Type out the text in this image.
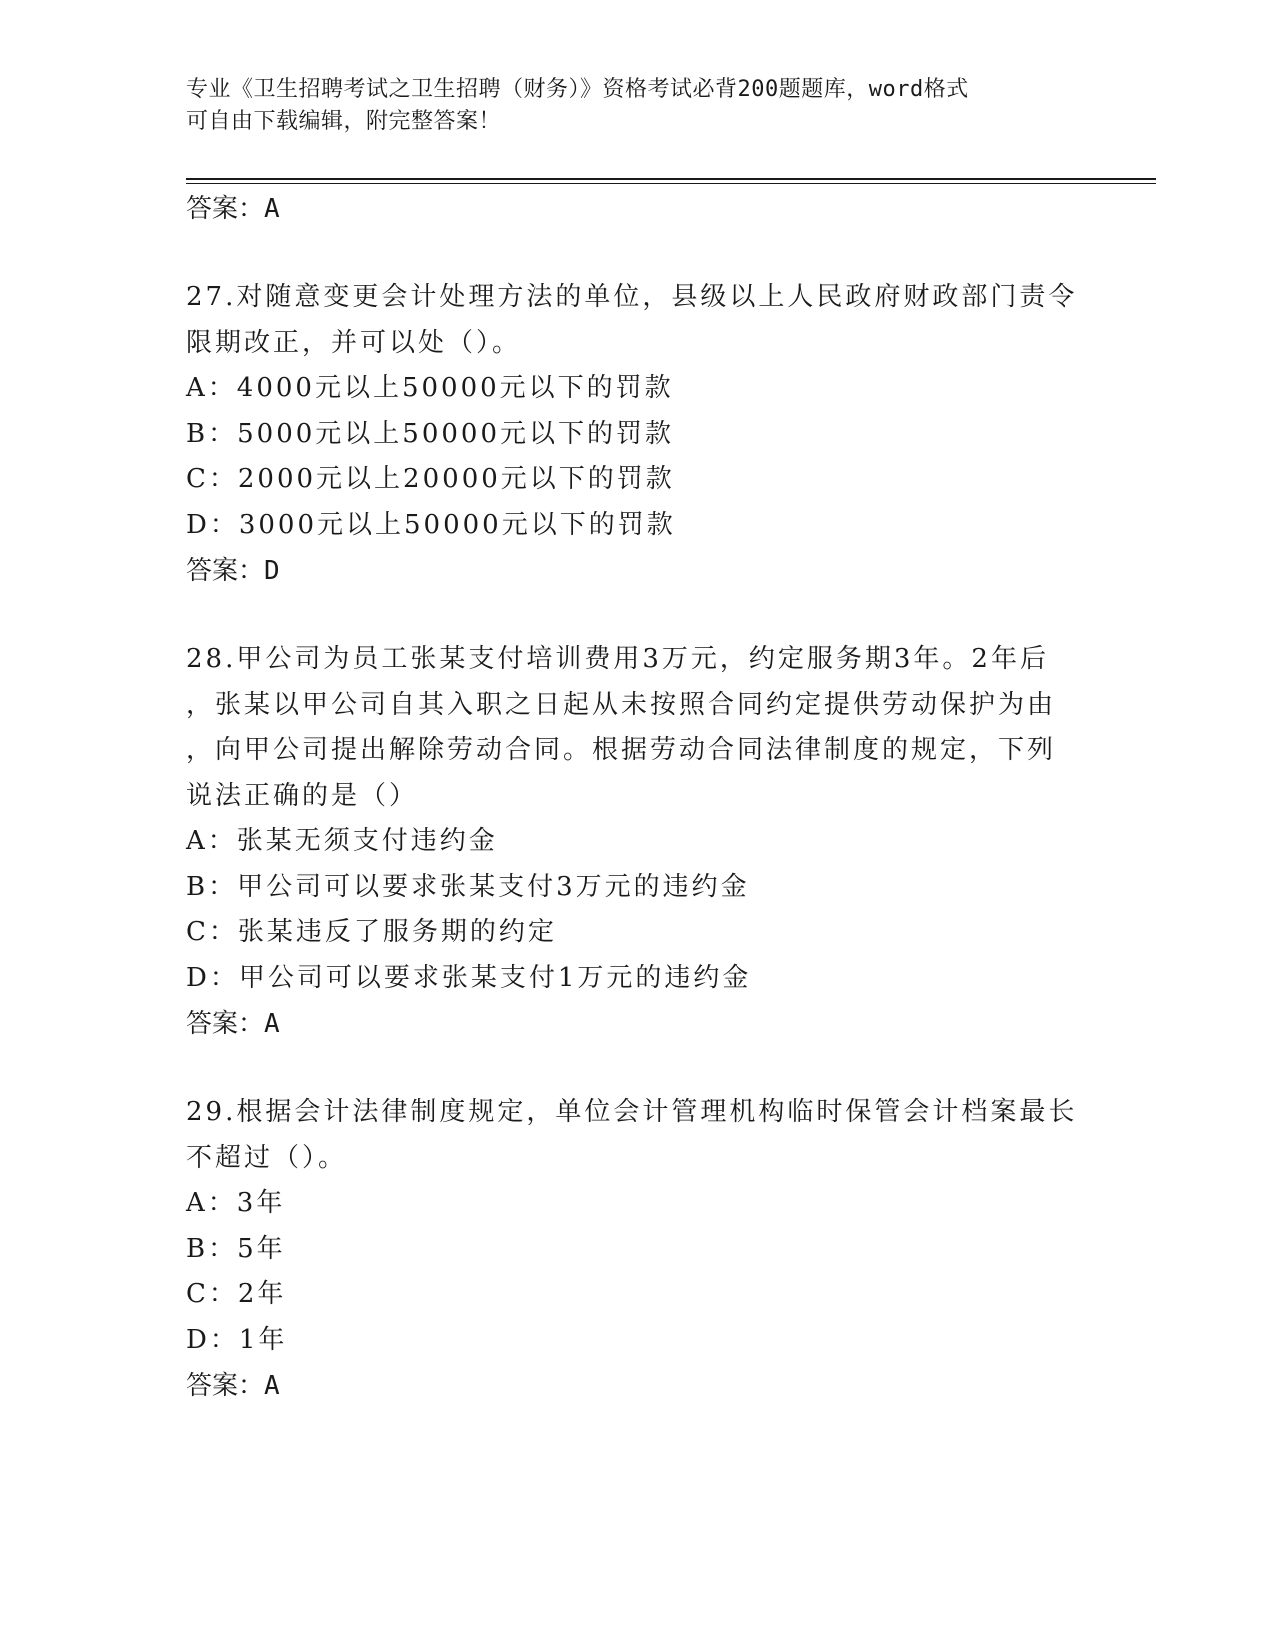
专业《卫生招聘考试之卫生招聘（财务）》资格考试必背200题题库，word格式
可自由下载编辑，附完整答案！
答案：A
27.对随意变更会计处理方法的单位，县级以上人民政府财政部门责令
限期改正，并可以处（）。
A：4000元以上50000元以下的罚款
B：5000元以上50000元以下的罚款
C：2000元以上20000元以下的罚款
D：3000元以上50000元以下的罚款
答案：D
28.甲公司为员工张某支付培训费用3万元，约定服务期3年。2年后
，张某以甲公司自其入职之日起从未按照合同约定提供劳动保护为由
，向甲公司提出解除劳动合同。根据劳动合同法律制度的规定，下列
说法正确的是（）
A：张某无须支付违约金
B：甲公司可以要求张某支付3万元的违约金
C：张某违反了服务期的约定
D：甲公司可以要求张某支付1万元的违约金
答案：A
29.根据会计法律制度规定，单位会计管理机构临时保管会计档案最长
不超过（）。
A：3年
B：5年
C：2年
D：1年
答案：A
